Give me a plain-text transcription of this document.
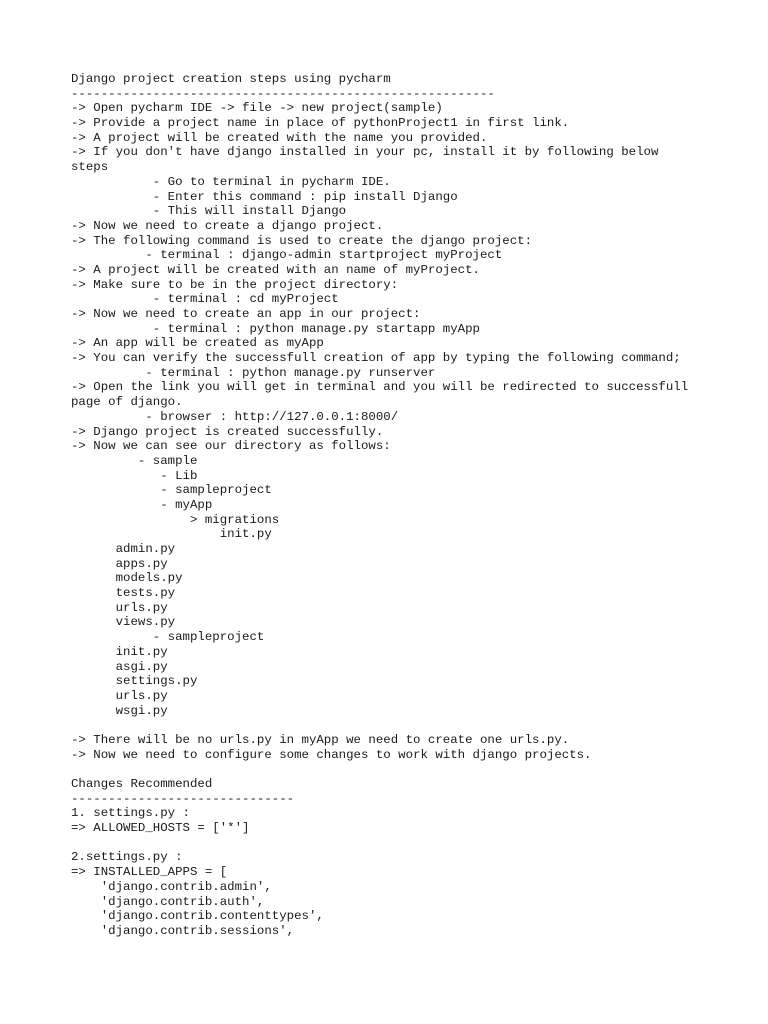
Django project creation steps using pycharm
---------------------------------------------------------
-> Open pycharm IDE -> file -> new project(sample)
-> Provide a project name in place of pythonProject1 in first link.
-> A project will be created with the name you provided.
-> If you don't have django installed in your pc, install it by following below
steps
- Go to terminal in pycharm IDE.
- Enter this command : pip install Django
- This will install Django
-> Now we need to create a django project.
-> The following command is used to create the django project:
- terminal : django-admin startproject myProject
-> A project will be created with an name of myProject.
-> Make sure to be in the project directory:
- terminal : cd myProject
-> Now we need to create an app in our project:
- terminal : python manage.py startapp myApp
-> An app will be created as myApp
-> You can verify the successfull creation of app by typing the following command;
- terminal : python manage.py runserver
-> Open the link you will get in terminal and you will be redirected to successfull
page of django.
- browser : http://127.0.0.1:8000/
-> Django project is created successfully.
-> Now we can see our directory as follows:
- sample
- Lib
- sampleproject
- myApp
> migrations
init.py
admin.py
apps.py
models.py
tests.py
urls.py
views.py
- sampleproject
init.py
asgi.py
settings.py
urls.py
wsgi.py
-> There will be no urls.py in myApp we need to create one urls.py.
-> Now we need to configure some changes to work with django projects.
Changes Recommended
------------------------------
1. settings.py :
=> ALLOWED_HOSTS = ['*']
2.settings.py :
=> INSTALLED_APPS = [
'django.contrib.admin',
'django.contrib.auth',
'django.contrib.contenttypes',
'django.contrib.sessions',
